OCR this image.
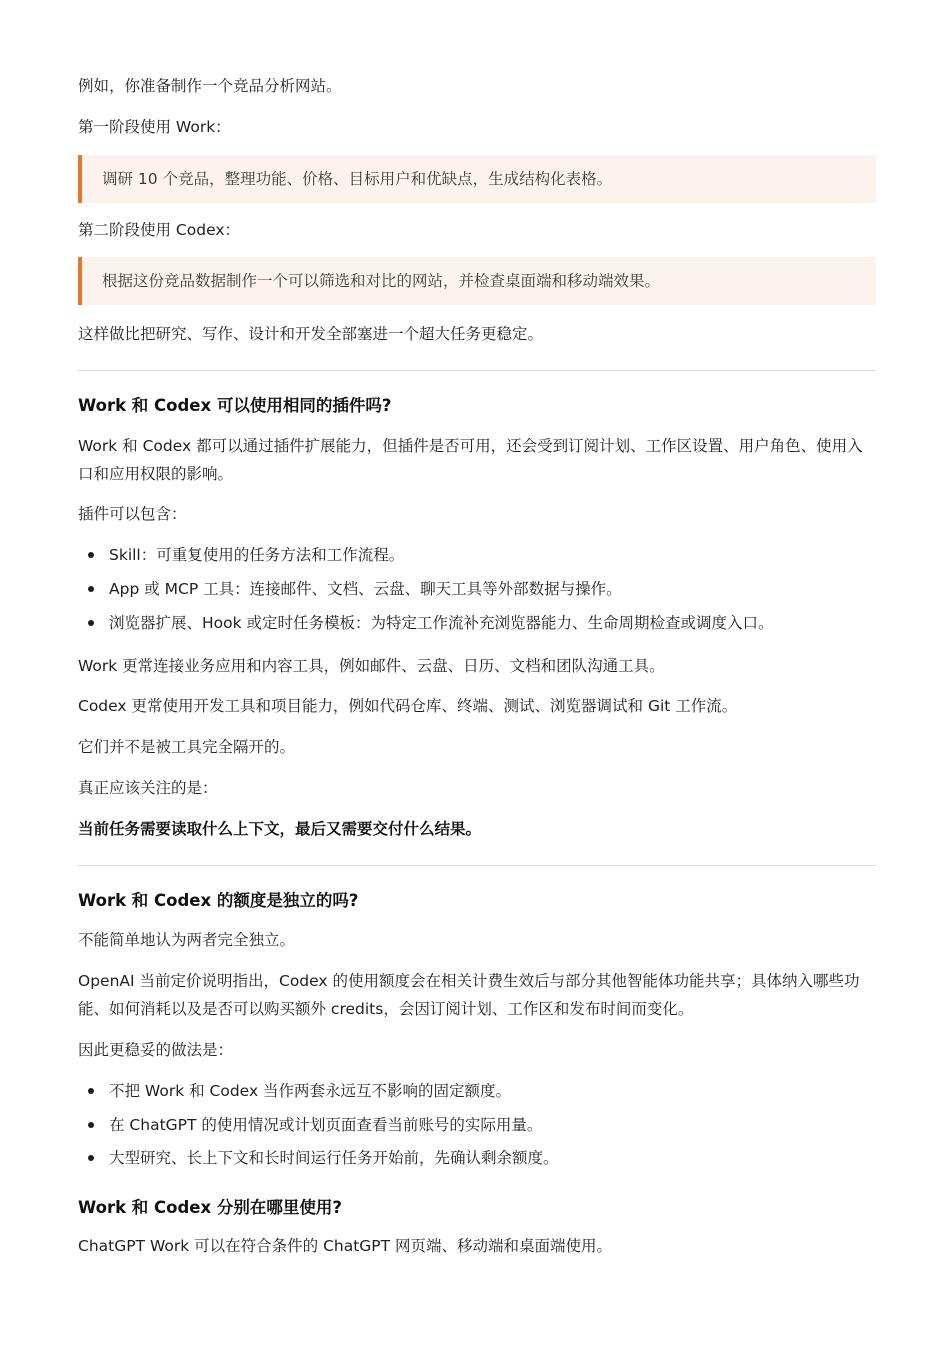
例如，你准备制作一个竞品分析网站。

第一阶段使用 Work：

调研 10 个竞品，整理功能、价格、目标用户和优缺点，生成结构化表格。

第二阶段使用 Codex：

根据这份竞品数据制作一个可以筛选和对比的网站，并检查桌面端和移动端效果。

这样做比把研究、写作、设计和开发全部塞进一个超大任务更稳定。

Work 和 Codex 可以使用相同的插件吗?

Work 和 Codex 都可以通过插件扩展能力，但插件是否可用，还会受到订阅计划、工作区设置、用户角色、使用入口和应用权限的影响。

插件可以包含：

Skill：可重复使用的任务方法和工作流程。

App 或 MCP 工具：连接邮件、文档、云盘、聊天工具等外部数据与操作。

浏览器扩展、Hook 或定时任务模板：为特定工作流补充浏览器能力、生命周期检查或调度入口。

Work 更常连接业务应用和内容工具，例如邮件、云盘、日历、文档和团队沟通工具。

Codex 更常使用开发工具和项目能力，例如代码仓库、终端、测试、浏览器调试和 Git 工作流。

它们并不是被工具完全隔开的。

真正应该关注的是：

当前任务需要读取什么上下文，最后又需要交付什么结果。

Work 和 Codex 的额度是独立的吗?

不能简单地认为两者完全独立。

OpenAI 当前定价说明指出，Codex 的使用额度会在相关计费生效后与部分其他智能体功能共享；具体纳入哪些功能、如何消耗以及是否可以购买额外 credits，会因订阅计划、工作区和发布时间而变化。

因此更稳妥的做法是：

不把 Work 和 Codex 当作两套永远互不影响的固定额度。

在 ChatGPT 的使用情况或计划页面查看当前账号的实际用量。

大型研究、长上下文和长时间运行任务开始前，先确认剩余额度。

Work 和 Codex 分别在哪里使用?

ChatGPT Work 可以在符合条件的 ChatGPT 网页端、移动端和桌面端使用。
